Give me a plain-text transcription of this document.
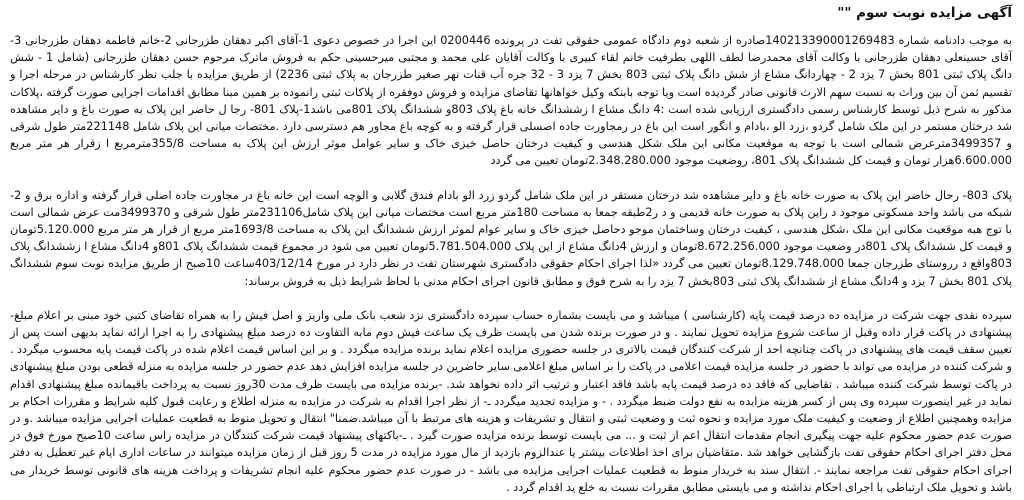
آگهی مزایده نوبت سوم ""

به موجب دادنامه شماره 140213390001269483صادره از شعبه دوم دادگاه عمومی حقوقی تفت در پرونده 0200446 این اجرا در خصوص دعوی 1-آقای اکبر دهقان طزرجانی 2-خانم فاطمه دهقان طزرجانی 3- آقای حسینعلی دهقان طزرجانی با وکالت آقای محمدرضا لطف اللهی بطرفیت خانم لقاء کبیری با وکالت آقایان علی محمد و مجتبی میرحسینی حکم به فروش ماترک مرحوم حسن دهقان طزرجانی (شامل 1 - شش دانگ پلاک ثبتی 801 بخش 7 یزد 2 - چهاردانگ مشاع از شش دانگ پلاک ثبتی 803 بخش 7 یزد 3 - 32 جره آب قنات نهر صغیر طزرجان به پلاک ثبتی 2236) از طریق مزایده با جلب نظر کارشناس در مرحله اجرا و تقسیم ثمن آن بین وراث به نسبت سهم الارث قانونی صادر گردیده است ویا توجه بابنکه وکیل خواهانها تقاضای مزایده و فروش دوفقره از پلاکات ثبتی رانموده بر همین مبنا مطابق اقدامات اجرایی صورت گرفته ،پلاکات مذکور به شرح ذیل توسط کارشناس رسمی دادگستری ارزیابی شده است :4 دانگ مشاع ا زششدانگ خانه باغ پلاک 803و ششدانگ پلاک 801می باشد1-پلاک 801- رجا ل حاضر این پلاک به صورت باغ و دایر مشاهده شد درختان مستمر در این ملک شامل گردو ،زرد الو ،بادام و انگور است این باغ در رمجاورت جاده اصسلی قرار گرفته و به کوچه باغ مجاور هم دسترسی دارد .مختصات میانی این پلاک شامل 221148متر طول شرقی و 3499357مترعرض شمالی است با توجه به موقعیت مکانی این ملک شکل هندسی و کیفیت درختان حاصل خیزی خاک و سایر عوامل موثر ارزش این پلاک به مساحت 355/8مترمربع ا زقرار هر متر مربع 6.600.000هزار تومان و قیمت کل ششدانگ پلاک 801، روضعیت موجود 2.348.280.000تومان تعیین می گردد

پلاک 803- رحال حاضر این پلاک به صورت خانه باغ و دایر مشاهده شد درختان مستقر در این ملک شامل گردو زرد الو بادام فندق گلابی و الوچه است این خانه باغ در مجاورت جاده اصلی قرار گرفته و اداره برق و 2-شبکه می باشد واحد مسکونی موجود د راین پلاک به صورت خانه قدیمی و د ر2طبقه جمعا به مساحت 180متر مربع است مختصات میانی این پلاک شامل231106متر طول شرقی و 3499370مت عرض شمالی است با توج هبه موقعیت مکانی این ملک ،شکل هندسی ، کیفیت درختان وساختمان موجو دحاصل خیزی خاک و سایر عوام لموثر ارزش ششدانگ این پلاک به مساحت 1693/8متر مربع از قرار هر متر مربع 5.120.000تومان و قیمت کل ششدانگ پلاک 801در وضعیت موجود 8.672.256.000تومان و ارزش 4دانگ مشاع از این پلاک 5.781.504.000تومان تعیین می شود در مجموع قیمت ششدانگ پلاک 801و 4دانگ مشاع ا زششدانگ پلاک 803واقع د رروستای طزرجان جمعا 8.129.748.000تومان تعیین می گردد «لذا اجرای احکام حقوقی دادگستری شهرستان تفت در نظر دارد در مورخ 403/12/14ساعت 10صبح از طریق مزایده نوبت سوم ششدانگ پلاک 801 بخش 7 یزد و 4دانگ مشاع از ششدانگ پلاک ثبتی 803بخش 7 یزد را به شرح فوق و مطابق قانون اجرای احکام مدنی با لحاظ شرایط ذیل به فروش برساند:

سپرده نقدی جهت شرکت در مزایده ده درصد قیمت پایه (کارشناسی ) میباشد و می بایست بشماره حساب سپرده دادگستری نزد شعب بانک ملی واریز و اصل فیش را به همراه تقاضای کتبی خود مبنی بر اعلام مبلغ- پیشنهادی در پاکت قرار داده وقبل از ساعت شروع مزایده تحویل نمایند . و در صورت برنده شدن می بایست ظرف یک ساعت فیش دوم مابه التفاوت ده درصد مبلغ پیشنهادی را به اجرا ارائه نماید بدیهی است پس از تعیین سقف قیمت های پیشنهادی در پاکت چنانچه احد از شرکت کنندگان قیمت بالاتری در جلسه حضوری مزایده اعلام نماید برنده مزایده میگردد . و بر این اساس قیمت اعلام شده در پاکت قیمت پایه محسوب میگردد . و شرکت کننده در مزایده می تواند با حضور در جلسه مزایده قیمت اعلامی در پاکت را بر اساس مبلغ اعلامی سایر حاضرین در جلسه مزایده افزایش دهد عدم حضور در جلسه مزایده به منزله قطعی بودن مبلغ پیشنهادی در پاکت توسط شرکت کننده میباشد . تقاضایی که فاقد ده درصد قیمت پایه باشد فاقد اعتبار و ترتیب اثر داده نخواهد شد. -برنده مزایده می بایست ظرف مدت 30روز نسبت به پرداخت باقیمانده مبلغ پیشنهادی اقدام نماید در غیر اینصورت سپرده وی پس از کسر هزینه مزایده به نفع دولت ضبط میگردد . - و مزایده تجدید میگردد ـ- از نظر اجرا اقدام به شرکت در مزایده به منزله اطلاع و رعایت قبول کلیه شرایط و مقررات احکام بر مزایده وهمچنین اطلاع از وضعیت و کیفیت ملک مورد مزایده و نحوه ثبت و وضعیت ثبتی و انتقال و تشریفات و هزینه های مرتبط با آن میباشد.ضمنا" انتقال و تحویل منوط به قطعیت عملیات اجرایی مزایده میباشد .و در صورت عدم حضور محکوم علیه جهت پیگیری انجام مقدمات انتقال اعم از ثبت و ... می بایست توسط برنده مزایده صورت گیرد . ـ-باکتهای پیشنهاد قیمت شرکت کنندگان در مزایده راس ساعت 10صبح مورخ فوق در محل دفتر اجرای احکام حقوقی تفت بازگشایی خواهد شد .متقاضیان برای اخذ اطلاعات بیشتر یا عندالزوم بازدید از مال مورد مزایده در مدت 5 روز قبل از زمان مزایده میتوانند در ساعات اداری ایام غیر تعطیل به دفتر اجرای احکام حقوقی تفت مراجعه نمایند -. انتقال سند به خریدار منوط به قطعیت عملیات اجرایی مزایده می باشد - در صورت عدم حضور محکوم علیه انجام تشریفات و پرداخت هزینه های قانونی توسط خریدار می باشد و تحویل ملک ارتباطی با اجرای احکام نداشته و می بایستی مطابق مقررات نسبت به خلع ید اقدام گردد .
